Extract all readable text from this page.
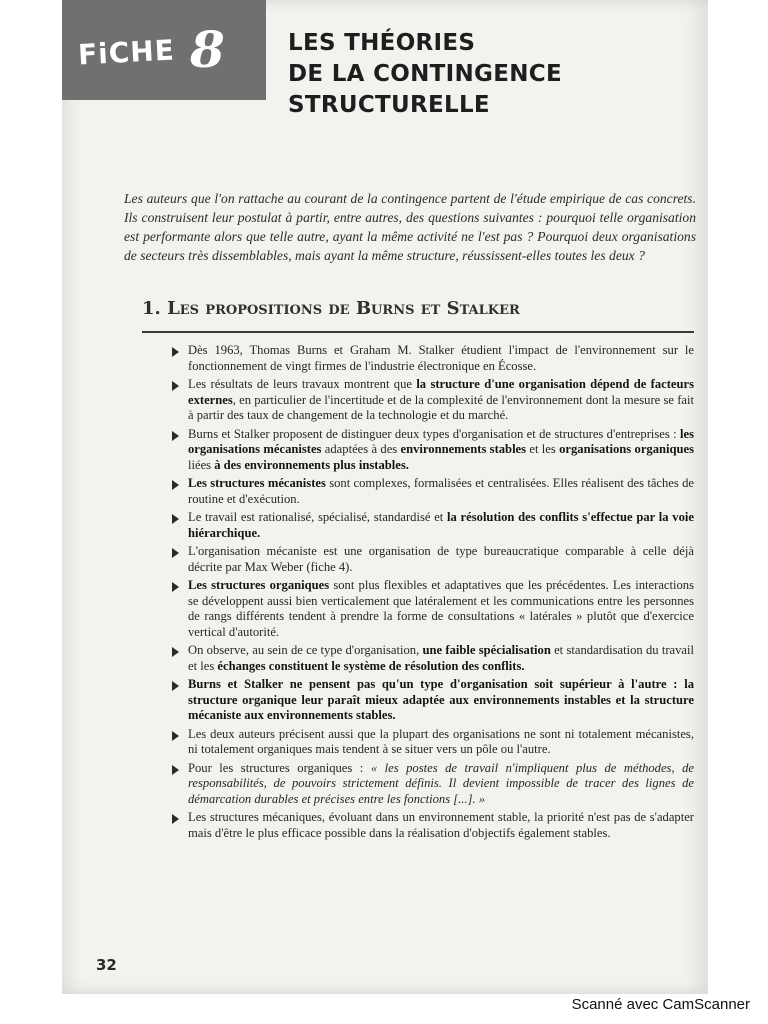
FiCHE 8	LES THÉORIES
DE LA CONTINGENCE
STRUCTURELLE

Les auteurs que l'on rattache au courant de la contingence partent de l'étude empirique de cas concrets. Ils construisent leur postulat à partir, entre autres, des questions suivantes : pourquoi telle organisation est performante alors que telle autre, ayant la même activité ne l'est pas ? Pourquoi deux organisations de secteurs très dissemblables, mais ayant la même structure, réussissent-elles toutes les deux ?

1. Les propositions de Burns et Stalker
Dès 1963, Thomas Burns et Graham M. Stalker étudient l'impact de l'environnement sur le fonctionnement de vingt firmes de l'industrie électronique en Écosse.
Les résultats de leurs travaux montrent que la structure d'une organisation dépend de facteurs externes, en particulier de l'incertitude et de la complexité de l'environnement dont la mesure se fait à partir des taux de changement de la technologie et du marché.
Burns et Stalker proposent de distinguer deux types d'organisation et de structures d'entreprises : les organisations mécanistes adaptées à des environnements stables et les organisations organiques liées à des environnements plus instables.
Les structures mécanistes sont complexes, formalisées et centralisées. Elles réalisent des tâches de routine et d'exécution.
Le travail est rationalisé, spécialisé, standardisé et la résolution des conflits s'effectue par la voie hiérarchique.
L'organisation mécaniste est une organisation de type bureaucratique comparable à celle déjà décrite par Max Weber (fiche 4).
Les structures organiques sont plus flexibles et adaptatives que les précédentes. Les interactions se développent aussi bien verticalement que latéralement et les communications entre les personnes de rangs différents tendent à prendre la forme de consultations « latérales » plutôt que d'exercice vertical d'autorité.
On observe, au sein de ce type d'organisation, une faible spécialisation et standardisation du travail et les échanges constituent le système de résolution des conflits.
Burns et Stalker ne pensent pas qu'un type d'organisation soit supérieur à l'autre : la structure organique leur paraît mieux adaptée aux environnements instables et la structure mécaniste aux environnements stables.
Les deux auteurs précisent aussi que la plupart des organisations ne sont ni totalement mécanistes, ni totalement organiques mais tendent à se situer vers un pôle ou l'autre.
Pour les structures organiques : « les postes de travail n'impliquent plus de méthodes, de responsabilités, de pouvoirs strictement définis. Il devient impossible de tracer des lignes de démarcation durables et précises entre les fonctions [...]. »
Les structures mécaniques, évoluant dans un environnement stable, la priorité n'est pas de s'adapter mais d'être le plus efficace possible dans la réalisation d'objectifs également stables.
32
Scanné avec CamScanner
